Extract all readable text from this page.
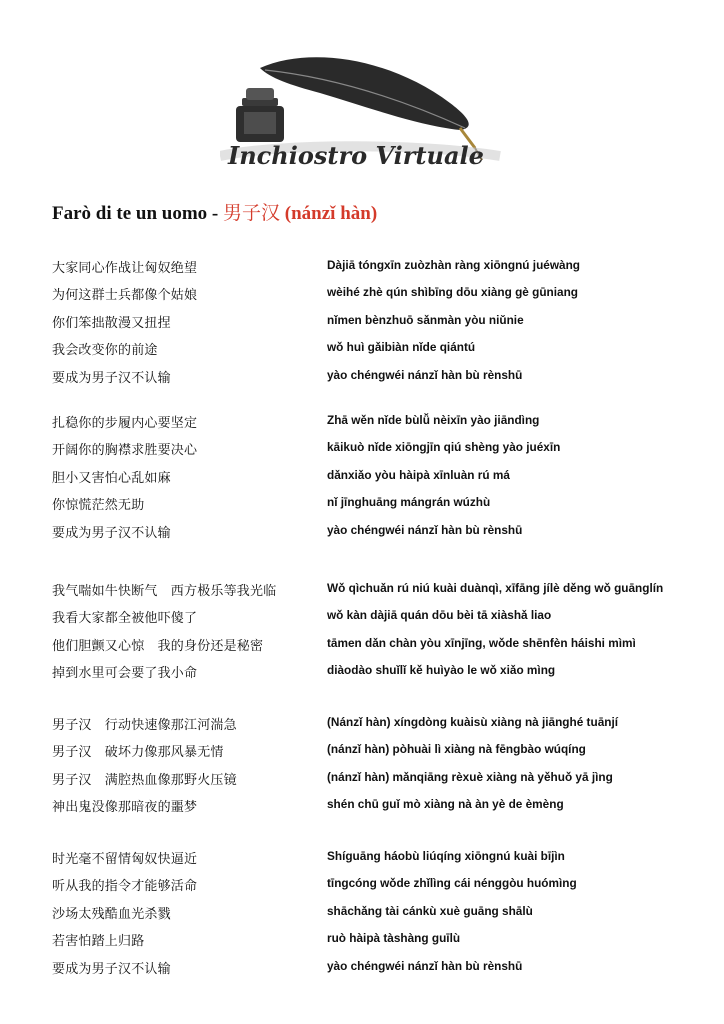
Inchiostro Virtuale
Farò di te un uomo - 男子汉 (nánzǐ hàn)
大家同心作战让匈奴绝望	Dàjiā tóngxīn zuòzhàn ràng xiōngnú juéwàng
为何这群士兵都像个姑娘	wèihé zhè qún shìbīng dōu xiàng gè gūniang
你们笨拙散漫又扭捏	nǐmen bènzhuō sǎnmàn yòu niǔnie
我会改变你的前途	wǒ huì gǎibiàn nǐde qiántú
要成为男子汉不认输	yào chéngwéi nánzǐ hàn bù rènshū
扎稳你的步履内心要坚定	Zhā wěn nǐde bùlǚ nèixīn yào jiāndìng
开阔你的胸襟求胜要决心	kāikuò nǐde xiōngjīn qiú shèng yào juéxīn
胆小又害怕心乱如麻	dǎnxiǎo yòu hàipà xīnluàn rú má
你惊慌茫然无助	nǐ jīnghuāng mángrán wúzhù
要成为男子汉不认输	yào chéngwéi nánzǐ hàn bù rènshū
我气喘如牛快断气　西方极乐等我光临	Wǒ qìchuǎn rú niú kuài duànqì, xīfāng jílè děng wǒ guānglín
我看大家都全被他吓傻了	wǒ kàn dàjiā quán dōu bèi tā xiàshǎ liao
他们胆颤又心惊　我的身份还是秘密	tāmen dǎn chàn yòu xīnjīng, wǒde shēnfèn háishi mìmì
掉到水里可会要了我小命	diàodào shuǐlǐ kě huìyào le wǒ xiǎo mìng
男子汉　行动快速像那江河湍急	(Nánzǐ hàn) xíngdòng kuàisù xiàng nà jiānghé tuānjí
男子汉　破坏力像那风暴无情	(nánzǐ hàn) pòhuài lì xiàng nà fēngbào wúqíng
男子汉　满腔热血像那野火压镜	(nánzǐ hàn) mǎnqiāng rèxuè xiàng nà yěhuǒ yā jìng
神出鬼没像那暗夜的噩梦	shén chū guǐ mò xiàng nà àn yè de èmèng
时光毫不留情匈奴快逼近	Shíguāng háobù liúqíng xiōngnú kuài bījìn
听从我的指令才能够活命	tīngcóng wǒde zhǐlìng cái nénggòu huómìng
沙场太残酷血光杀戮	shāchǎng tài cánkù xuè guāng shālù
若害怕踏上归路	ruò hàipà tàshàng guīlù
要成为男子汉不认输	yào chéngwéi nánzǐ hàn bù rènshū
